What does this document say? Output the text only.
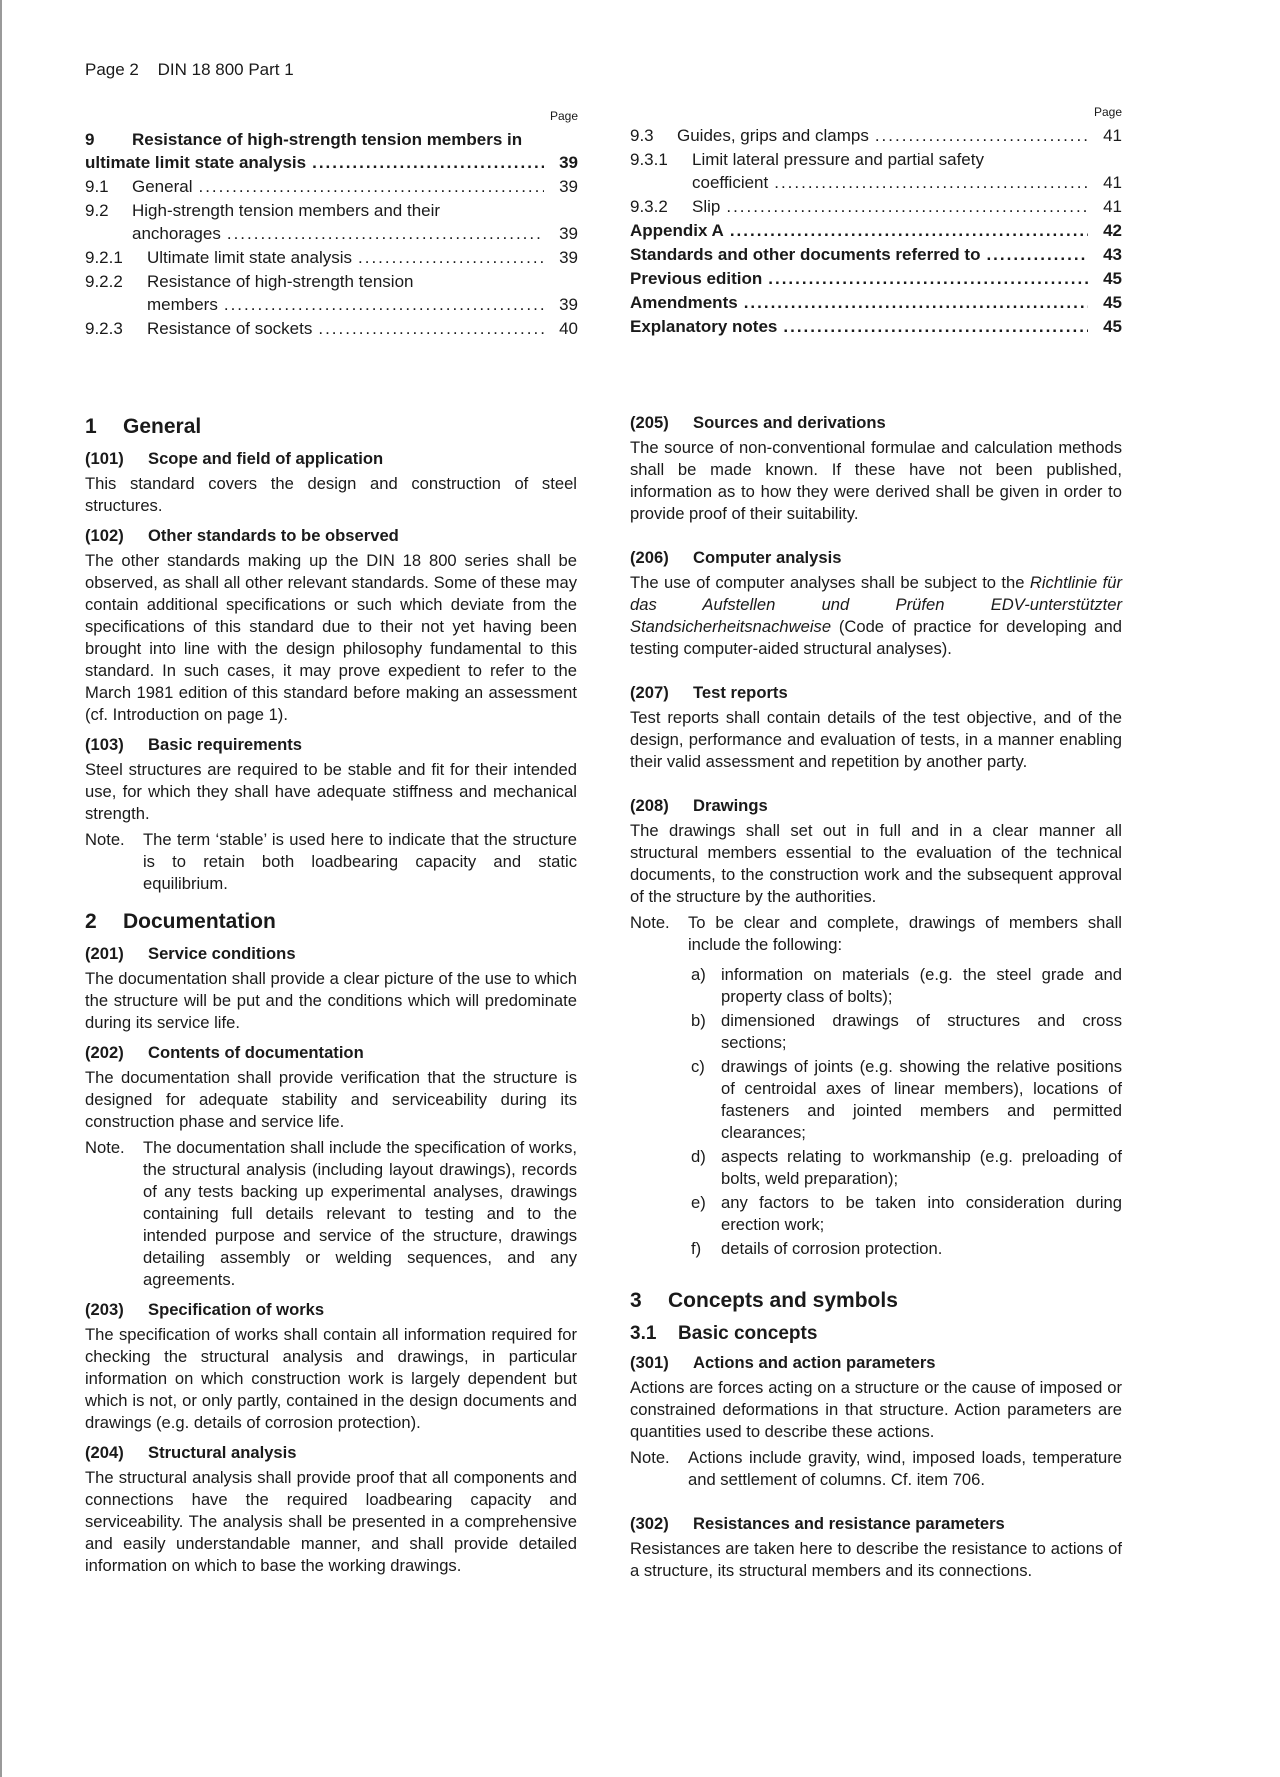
Page 2 DIN 18 800 Part 1
Page
9 Resistance of high-strength tension members in
ultimate limit state analysis .....	39
9.1	General .....	39
9.2	High-strength tension members and their
anchorages .....	39
9.2.1	Ultimate limit state analysis .....	39
9.2.2	Resistance of high-strength tension
members .....	39
9.2.3	Resistance of sockets .....	40
Page
9.3	Guides, grips and clamps .....	41
9.3.1	Limit lateral pressure and partial safety
coefficient .....	41
9.3.2	Slip .....	41
Appendix A .....	42
Standards and other documents referred to .....	43
Previous edition .....	45
Amendments .....	45
Explanatory notes .....	45
1 General
(101) Scope and field of application

This standard covers the design and construction of steel structures.

(102) Other standards to be observed

The other standards making up the DIN 18 800 series shall be observed, as shall all other relevant standards. Some of these may contain additional specifications or such which deviate from the specifications of this standard due to their not yet having been brought into line with the design philosophy fundamental to this standard. In such cases, it may prove expedient to refer to the March 1981 edition of this standard before making an assessment (cf. Introduction on page 1).

(103) Basic requirements

Steel structures are required to be stable and fit for their intended use, for which they shall have adequate stiffness and mechanical strength.

Note.	The term ‘stable’ is used here to indicate that the structure is to retain both loadbearing capacity and static equilibrium.
2 Documentation
(201) Service conditions

The documentation shall provide a clear picture of the use to which the structure will be put and the conditions which will predominate during its service life.

(202) Contents of documentation

The documentation shall provide verification that the structure is designed for adequate stability and serviceability during its construction phase and service life.

Note.	The documentation shall include the specification of works, the structural analysis (including layout drawings), records of any tests backing up experimental analyses, drawings containing full details relevant to testing and to the intended purpose and service of the structure, drawings detailing assembly or welding sequences, and any agreements.
(203) Specification of works

The specification of works shall contain all information required for checking the structural analysis and drawings, in particular information on which construction work is largely dependent but which is not, or only partly, contained in the design documents and drawings (e.g. details of corrosion protection).

(204) Structural analysis

The structural analysis shall provide proof that all components and connections have the required loadbearing capacity and serviceability. The analysis shall be presented in a comprehensive and easily understandable manner, and shall provide detailed information on which to base the working drawings.

(205) Sources and derivations

The source of non-conventional formulae and calculation methods shall be made known. If these have not been published, information as to how they were derived shall be given in order to provide proof of their suitability.

(206) Computer analysis

The use of computer analyses shall be subject to the Richtlinie für das Aufstellen und Prüfen EDV-unterstützter Standsicherheitsnachweise (Code of practice for developing and testing computer-aided structural analyses).

(207) Test reports

Test reports shall contain details of the test objective, and of the design, performance and evaluation of tests, in a manner enabling their valid assessment and repetition by another party.

(208) Drawings

The drawings shall set out in full and in a clear manner all structural members essential to the evaluation of the technical documents, to the construction work and the subsequent approval of the structure by the authorities.

Note.	To be clear and complete, drawings of members shall include the following:
a) information on materials (e.g. the steel grade and property class of bolts);
b) dimensioned drawings of structures and cross sections;
c) drawings of joints (e.g. showing the relative positions of centroidal axes of linear members), locations of fasteners and jointed members and permitted clearances;
d) aspects relating to workmanship (e.g. preloading of bolts, weld preparation);
e) any factors to be taken into consideration during erection work;
f)	details of corrosion protection.
3 Concepts and symbols
3.1 Basic concepts
(301) Actions and action parameters

Actions are forces acting on a structure or the cause of imposed or constrained deformations in that structure. Action parameters are quantities used to describe these actions.

Note.	Actions include gravity, wind, imposed loads, temperature and settlement of columns. Cf. item 706.
(302) Resistances and resistance parameters

Resistances are taken here to describe the resistance to actions of a structure, its structural members and its connections.
